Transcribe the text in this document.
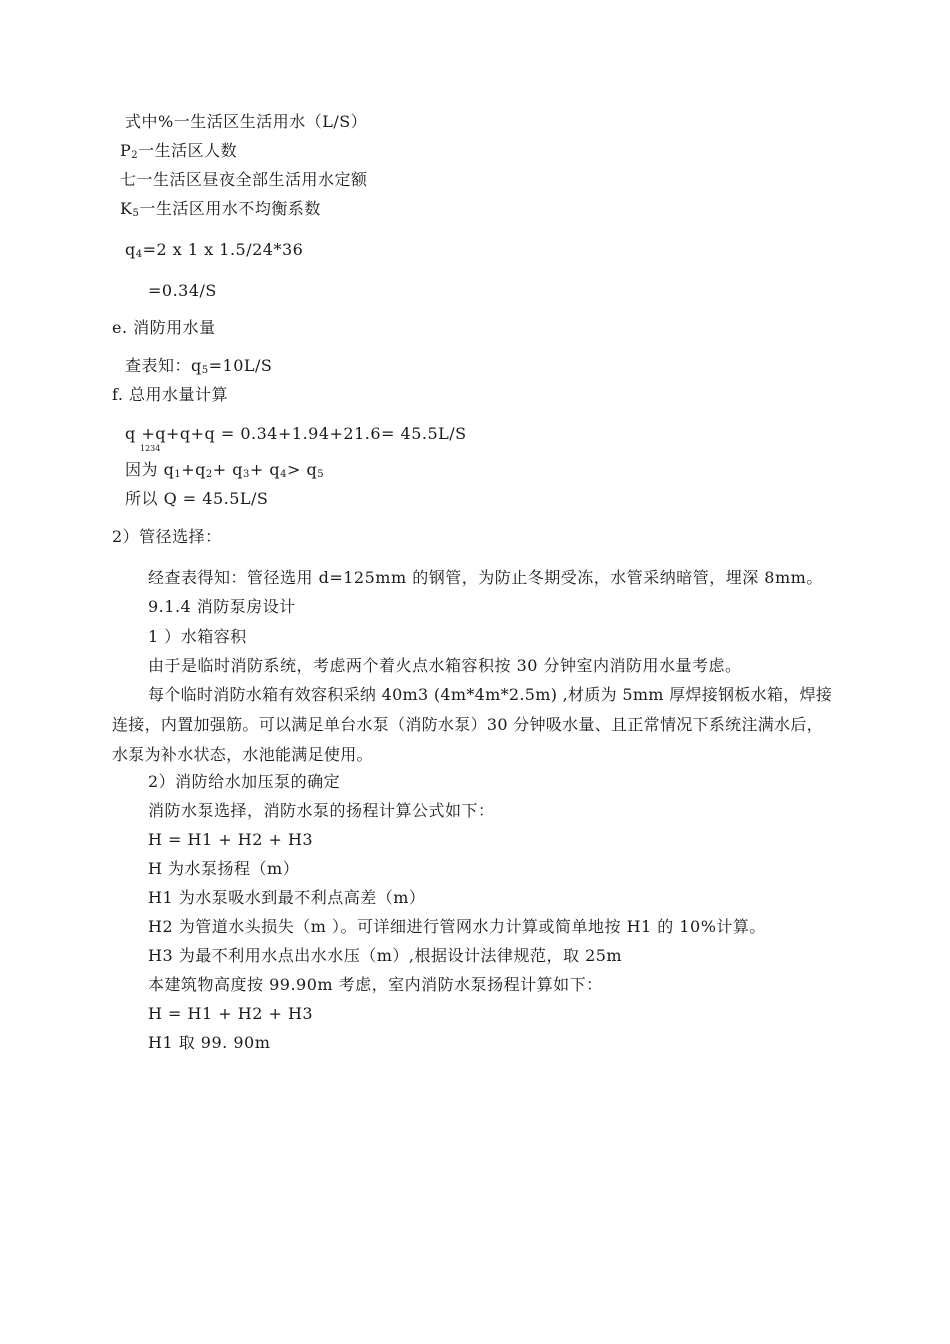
式中%一生活区生活用水（L/S）
$P_2$一生活区人数
七一生活区昼夜全部生活用水定额
$K_5$一生活区用水不均衡系数
$q_4=2$ x 1 x 1.5/24*36
=0.34/S
e. 消防用水量
查表知：$q_5=10L/S$
f. 总用水量计算
q +q+q+q = 0.34+1.94+21.6= 45.5L/S
1234
因为 $q_1+q_2+ q_3+ q_4> q_5$
所以 Q = 45.5L/S
2）管径选择：
经查表得知：管径选用 d=125mm 的钢管，为防止冬期受冻，水管采纳暗管，埋深 8mm。
9.1.4 消防泵房设计
1 ）水箱容积
由于是临时消防系统，考虑两个着火点水箱容积按 30 分钟室内消防用水量考虑。
每个临时消防水箱有效容积采纳 40m3 (4m*4m*2.5m) ,材质为 5mm 厚焊接钢板水箱，焊接连接，内置加强筋。可以满足单台水泵（消防水泵）30 分钟吸水量、且正常情况下系统注满水后，水泵为补水状态，水池能满足使用。
2）消防给水加压泵的确定
消防水泵选择，消防水泵的扬程计算公式如下：
H = H1 + H2 + H3
H 为水泵扬程（m）
H1 为水泵吸水到最不利点高差（m）
H2 为管道水头损失（m ）。可详细进行管网水力计算或简单地按 H1 的 10%计算。
H3 为最不利用水点出水水压（m）,根据设计法律规范，取 25m
本建筑物高度按 99.90m 考虑，室内消防水泵扬程计算如下：
H = H1 + H2 + H3
H1 取 99. 90m
